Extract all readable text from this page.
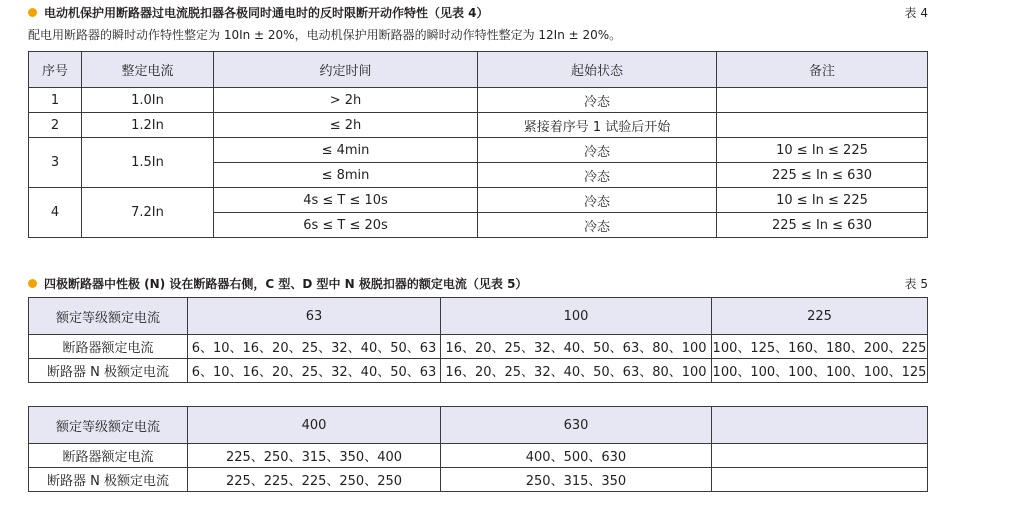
电动机保护用断路器过电流脱扣器各极同时通电时的反时限断开动作特性（见表 4）	表 4
配电用断路器的瞬时动作特性整定为 10In ± 20%，电动机保护用断路器的瞬时动作特性整定为 12In ± 20%。
序号	整定电流	约定时间	起始状态	备注
1	1.0In	> 2h	冷态	
2	1.2In	≤ 2h	紧接着序号 1 试验后开始	
3	1.5In	≤ 4min	冷态	10 ≤ In ≤ 225
		≤ 8min	冷态	225 ≤ In ≤ 630
4	7.2In	4s ≤ T ≤ 10s	冷态	10 ≤ In ≤ 225
		6s ≤ T ≤ 20s	冷态	225 ≤ In ≤ 630
四极断路器中性极 (N) 设在断路器右侧，C 型、D 型中 N 极脱扣器的额定电流（见表 5）	表 5
额定等级额定电流	63	100	225
断路器额定电流	6、10、16、20、25、32、40、50、63	16、20、25、32、40、50、63、80、100	100、125、160、180、200、225
断路器 N 极额定电流	6、10、16、20、25、32、40、50、63	16、20、25、32、40、50、63、80、100	100、100、100、100、100、125
额定等级额定电流	400	630	
断路器额定电流	225、250、315、350、400	400、500、630	
断路器 N 极额定电流	225、225、225、250、250	250、315、350	
